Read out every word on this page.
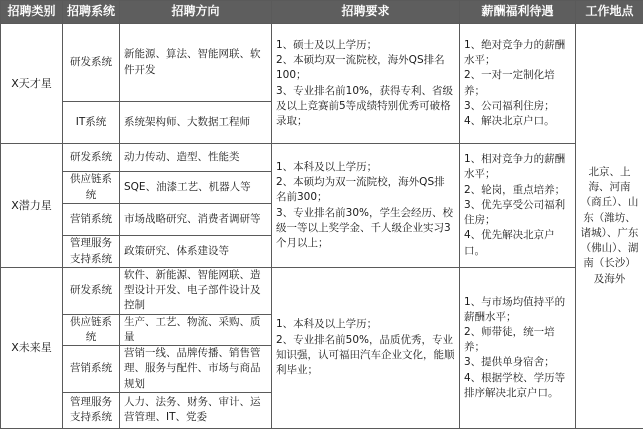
招聘类别	招聘系统	招聘方向	招聘要求	薪酬福利待遇	工作地点
X天才星	研发系统	新能源、算法、智能网联、软件开发	1、硕士及以上学历；
2、本硕均双一流院校，海外QS排名100；
3、专业排名前10%，获得专利、省级及以上竞赛前5等成绩特别优秀可破格录取；	1、绝对竞争力的薪酬水平；
2、一对一定制化培养；
3、公司福利住房；
4、解决北京户口。	北京、上海、河南（商丘）、山东（潍坊、诸城）、广东（佛山）、湖南（长沙）及海外
	IT系统	系统架构师、大数据工程师			
X潜力星	研发系统	动力传动、造型、性能类	1、本科及以上学历；
2、本硕均为双一流院校，海外QS排名前300；
3、专业排名前30%，学生会经历、校级一等以上奖学金、千人级企业实习3个月以上；	1、相对竞争力的薪酬水平；
2、轮岗，重点培养；
3、优先享受公司福利住房；
4、优先解决北京户口。	

	供应链系统	SQE、油漆工艺、机器人等			
	营销系统	市场战略研究、消费者调研等			
	管理服务支持系统	政策研究、体系建设等			
X未来星	研发系统	软件、新能源、智能网联、造型设计开发、电子部件设计及控制	1、本科及以上学历；
2、专业排名前50%，品质优秀，专业知识强，认可福田汽车企业文化，能顺利毕业；	1、与市场均值持平的薪酬水平；
2、师带徒，统一培养；
3、提供单身宿舍；
4、根据学校、学历等排序解决北京户口。	

	供应链系统	生产、工艺、物流、采购、质量			
	营销系统	营销一线、品牌传播、销售管理、服务与配件、市场与商品规划			
	管理服务支持系统	人力、法务、财务、审计、运营管理、IT、党委			
